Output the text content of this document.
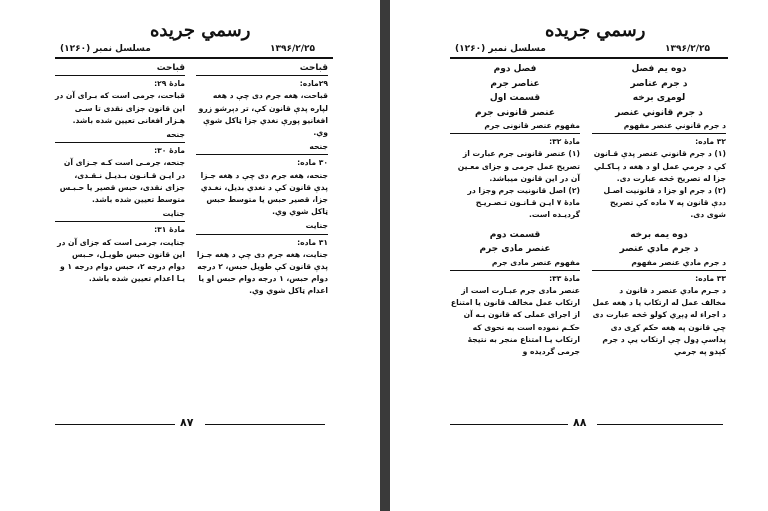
رسمي جريده
۱۳۹۶/۲/۲۵
مسلسل نمبر (۱۲۶۰)
قباحت
۲۹ماده:

قباحت، هغه جرم دی چې د هغه لپاره پدې قانون کې، تر دېرشو زرو افغانیو پورې نغدي جزا ټاکل شوې وي.

جنحه
۳۰ ماده:

جنحه، هغه جرم دی چې د هغه جـزا پدې قانون کې د نغدي بديل، نغـدي جزا، قصير حبس يا متوسط حبس ټاکل شوي وي.

جنايت
۳۱ ماده:

جنايت، هغه جرم دی چې د هغه جـزا پدې قانون کې طويل حبس، ۲ درجه دوام حبس، ۱ درجه دوام حبس او يا اعدام ټاکل شوي وي.

قباحت
مادهٔ ۲۹:

قباحت، جرمی است که بـرای آن در این قانون جزای نقدی تا سـی هـزار افغانی تعیین شده باشد.

جنحه
مادهٔ ۳۰:

جنحه، جرمـی است کـه جـزای آن در ایـن قـانـون بـدیـل نـقـدی، جزای نقدی، حبس قصیر یا حـبـس متوسط تعیین شده باشد.

جنایت
مادهٔ ۳۱:

جنایت، جرمی است که جزای آن در این قانون حبس طويـل، حـبس دوام درجه ۲، حبس دوام درجه ۱ و یـا اعدام تعیین شده باشد.

۸۷
رسمي جريده
۱۳۹۶/۲/۲۵
مسلسل نمبر (۱۲۶۰)
دوه یم فصل
د جرم عناصر
لومړی برخه
د جرم قانوني عنصر
د جرم قانوني عنصر مفهوم
۳۲ ماده:

(۱) د جرم قانوني عنصر پدې قـانون کې د جرمي عمل او د هغه د پـاکـلي جزا له تصریح څخه عبارت دی.

(۲) د جرم او جزا د قانونیت اصـل ددې قانون په ۷ ماده کې تصریح شوی دی.

دوه یمه برخه
د جرم مادي عنصر
د جرم مادي عنصر مفهوم
۳۳ ماده:

د جـرم مادي عنصر د قانون د مخالف عمل له ارتکاب یا د هغه عمل د اجراء له ډېږي کولو څخه عبارت دی چې قانون په هغه حکم کړی دی پداسې ډول چې ارتکاب یې د جرم کېدو په جرمي

فصل دوم
عناصر جرم
قسمت اول
عنصر قانونی جرم
مفهوم عنصر قانونی جرم
مادهٔ ۳۲:

(۱) عنصر قانونی جرم عبارت از تصریح عمل جرمی و جزای معـین آن در این قانون میباشد.

(۲) اصل قانونیت جرم وجزا در مادهٔ ۷ ایـن قـانـون تـصـریـح گردیـده است.

قسمت دوم
عنصر مادی جرم
مفهوم عنصر مادی جرم
مادهٔ ۳۳:

عنصر مادی جرم عبـارت است از ارتکاب عمل مخالف قانون یا امتناع از اجرای عملی که قانون بـه آن حکـم نموده است به نحوی که ارتکاب یـا امتناع منجر به نتیجهٔ جرمی گردیده و

۸۸
